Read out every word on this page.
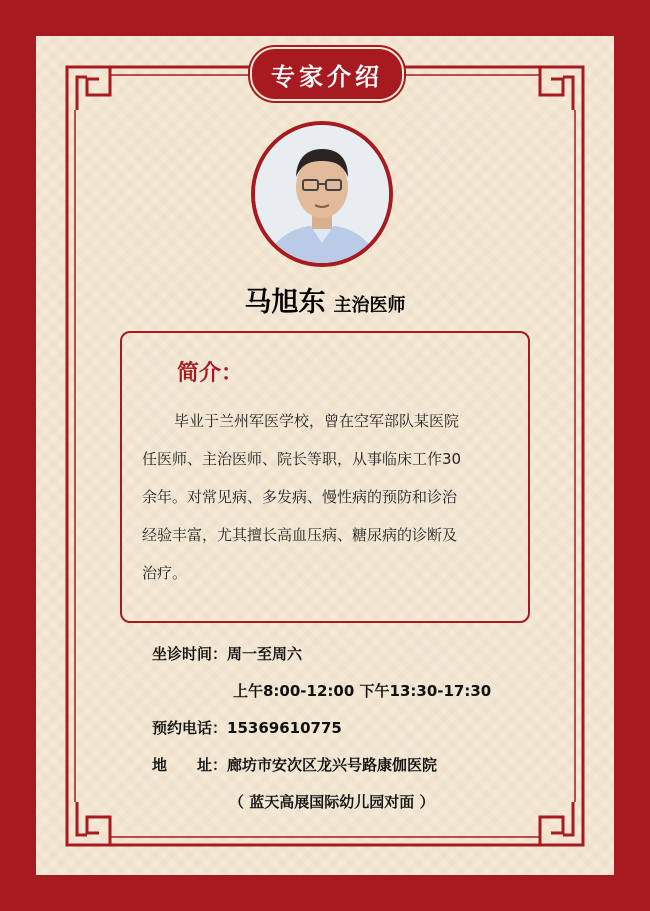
专家介绍
马旭东 主治医师
简介：
毕业于兰州军医学校，曾在空军部队某医院
任医师、主治医师、院长等职，从事临床工作30
余年。对常见病、多发病、慢性病的预防和诊治
经验丰富，尤其擅长高血压病、糖尿病的诊断及
治疗。
坐诊时间：周一至周六
上午8:00-12:00 下午13:30-17:30
预约电话：15369610775
地　　址：廊坊市安次区龙兴号路康伽医院
（ 蓝天高展国际幼儿园对面 ）
